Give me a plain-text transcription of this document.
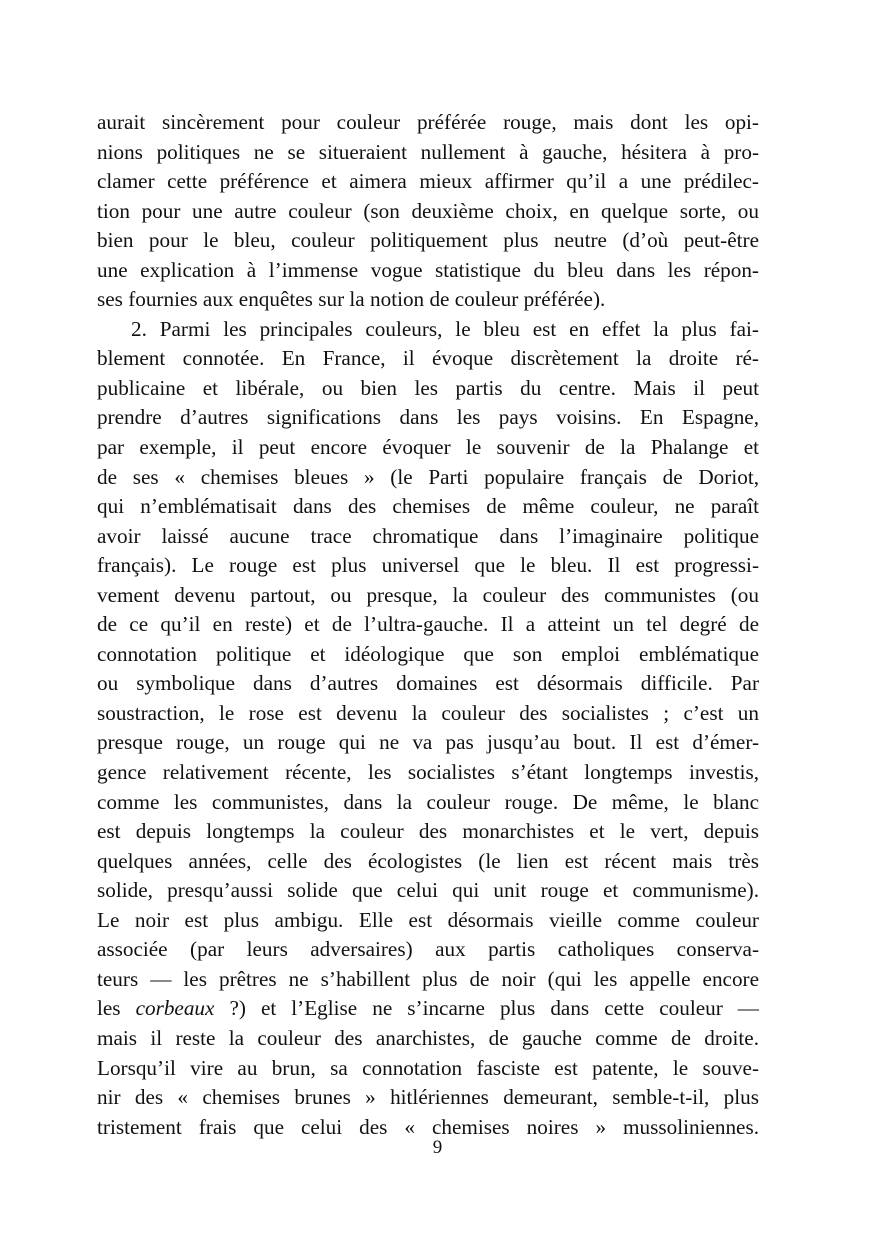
aurait sincèrement pour couleur préférée rouge, mais dont les opi-
nions politiques ne se situeraient nullement à gauche, hésitera à pro-
clamer cette préférence et aimera mieux affirmer qu’il a une prédilec-
tion pour une autre couleur (son deuxième choix, en quelque sorte, ou
bien pour le bleu, couleur politiquement plus neutre (d’où peut-être
une explication à l’immense vogue statistique du bleu dans les répon-
ses fournies aux enquêtes sur la notion de couleur préférée).
2. Parmi les principales couleurs, le bleu est en effet la plus fai-
blement connotée. En France, il évoque discrètement la droite ré-
publicaine et libérale, ou bien les partis du centre. Mais il peut
prendre d’autres significations dans les pays voisins. En Espagne,
par exemple, il peut encore évoquer le souvenir de la Phalange et
de ses « chemises bleues » (le Parti populaire français de Doriot,
qui n’emblématisait dans des chemises de même couleur, ne paraît
avoir laissé aucune trace chromatique dans l’imaginaire politique
français). Le rouge est plus universel que le bleu. Il est progressi-
vement devenu partout, ou presque, la couleur des communistes (ou
de ce qu’il en reste) et de l’ultra-gauche. Il a atteint un tel degré de
connotation politique et idéologique que son emploi emblématique
ou symbolique dans d’autres domaines est désormais difficile. Par
soustraction, le rose est devenu la couleur des socialistes ; c’est un
presque rouge, un rouge qui ne va pas jusqu’au bout. Il est d’émer-
gence relativement récente, les socialistes s’étant longtemps investis,
comme les communistes, dans la couleur rouge. De même, le blanc
est depuis longtemps la couleur des monarchistes et le vert, depuis
quelques années, celle des écologistes (le lien est récent mais très
solide, presqu’aussi solide que celui qui unit rouge et communisme).
Le noir est plus ambigu. Elle est désormais vieille comme couleur
associée (par leurs adversaires) aux partis catholiques conserva-
teurs — les prêtres ne s’habillent plus de noir (qui les appelle encore
les corbeaux ?) et l’Eglise ne s’incarne plus dans cette couleur —
mais il reste la couleur des anarchistes, de gauche comme de droite.
Lorsqu’il vire au brun, sa connotation fasciste est patente, le souve-
nir des « chemises brunes » hitlériennes demeurant, semble-t-il, plus
tristement frais que celui des « chemises noires » mussoliniennes.
9
